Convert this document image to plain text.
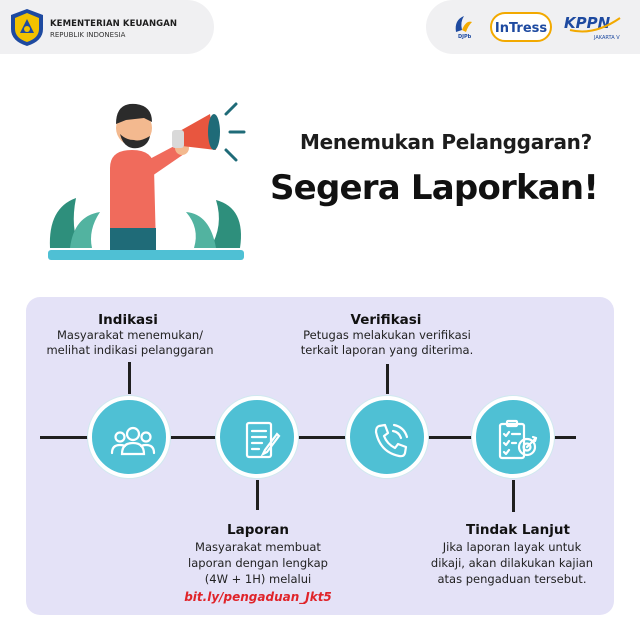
KEMENTERIAN KEUANGAN
REPUBLIK INDONESIA	DJPb
InTress KPPN
JAKARTA V
Menemukan Pelanggaran?
Segera Laporkan!
Indikasi
Masyarakat menemukan/
melihat indikasi pelanggaran
Verifikasi
Petugas melakukan verifikasi
terkait laporan yang diterima.
Laporan
Masyarakat membuat
laporan dengan lengkap
(4W + 1H) melalui
bit.ly/pengaduan_Jkt5
Tindak Lanjut
Jika laporan layak untuk
dikaji, akan dilakukan kajian
atas pengaduan tersebut.
